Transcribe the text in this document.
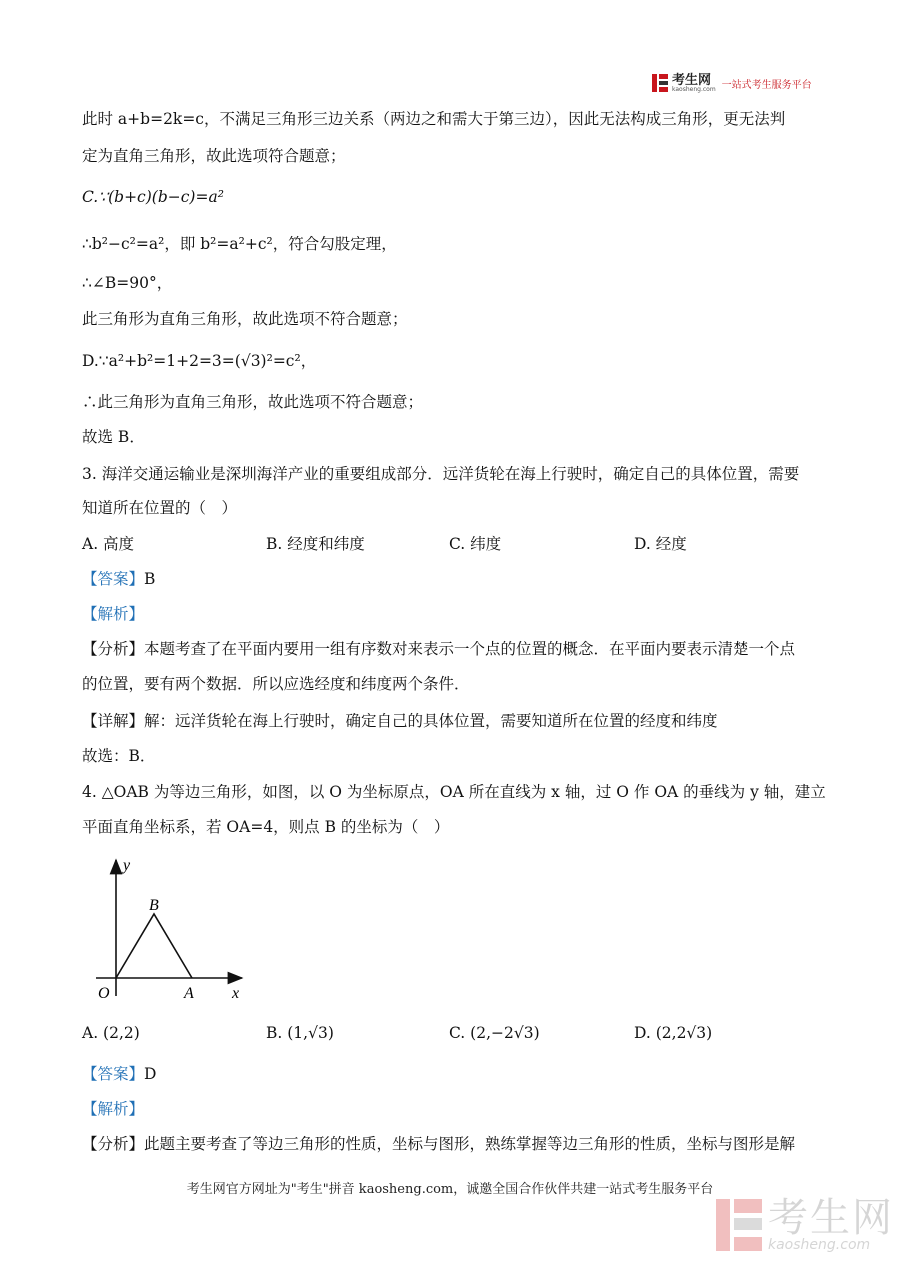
考生网
kaosheng.com 一站式考生服务平台
此时 a+b=2k=c，不满足三角形三边关系（两边之和需大于第三边），因此无法构成三角形，更无法判
定为直角三角形，故此选项符合题意；
C.∵(b+c)(b−c)=a²
∴b²−c²=a²，即 b²=a²+c²，符合勾股定理，
∴∠B=90°，
此三角形为直角三角形，故此选项不符合题意；
D.∵a²+b²=1+2=3=(√3)²=c²，
∴此三角形为直角三角形，故此选项不符合题意；
故选 B．
3. 海洋交通运输业是深圳海洋产业的重要组成部分．远洋货轮在海上行驶时，确定自己的具体位置，需要
知道所在位置的（　）
A. 高度	B. 经度和纬度	C. 纬度	D. 经度
【答案】B
【解析】
【分析】本题考查了在平面内要用一组有序数对来表示一个点的位置的概念．在平面内要表示清楚一个点
的位置，要有两个数据．所以应选经度和纬度两个条件．
【详解】解：远洋货轮在海上行驶时，确定自己的具体位置，需要知道所在位置的经度和纬度
故选：B．
4. △OAB 为等边三角形，如图，以 O 为坐标原点，OA 所在直线为 x 轴，过 O 作 OA 的垂线为 y 轴，建立
平面直角坐标系，若 OA=4，则点 B 的坐标为（　）
y
x
O	A
B
A. (2,2)	B. (1,√3)	C. (2,−2√3)	D. (2,2√3)
【答案】D
【解析】
【分析】此题主要考查了等边三角形的性质，坐标与图形，熟练掌握等边三角形的性质，坐标与图形是解
考生网官方网址为"考生"拼音 kaosheng.com，诚邀全国合作伙伴共建一站式考生服务平台
考生网
kaosheng.com
